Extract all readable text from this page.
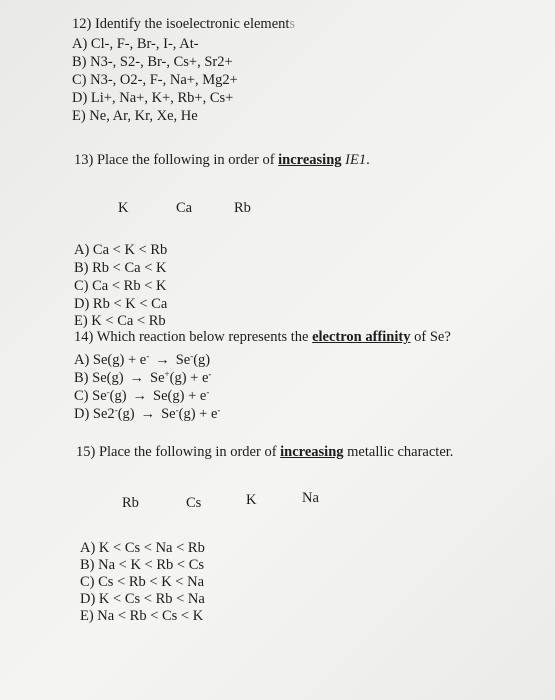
12) Identify the isoelectronic elements
A) Cl-, F-, Br-, I-, At-
B) N3-, S2-, Br-, Cs+, Sr2+
C) N3-, O2-, F-, Na+, Mg2+
D) Li+, Na+, K+, Rb+, Cs+
E) Ne, Ar, Kr, Xe, He
13) Place the following in order of increasing IE1.
K	Ca	Rb
A) Ca < K < Rb
B) Rb < Ca < K
C) Ca < Rb < K
D) Rb < K < Ca
E) K < Ca < Rb
14) Which reaction below represents the electron affinity of Se?
A) Se(g) + e- → Se-(g)
B) Se(g) → Se+(g) + e-
C) Se-(g) → Se(g) + e-
D) Se2-(g) → Se-(g) + e-
15) Place the following in order of increasing metallic character.
Rb	Cs	K	Na
A) K < Cs < Na < Rb
B) Na < K < Rb < Cs
C) Cs < Rb < K < Na
D) K < Cs < Rb < Na
E) Na < Rb < Cs < K
